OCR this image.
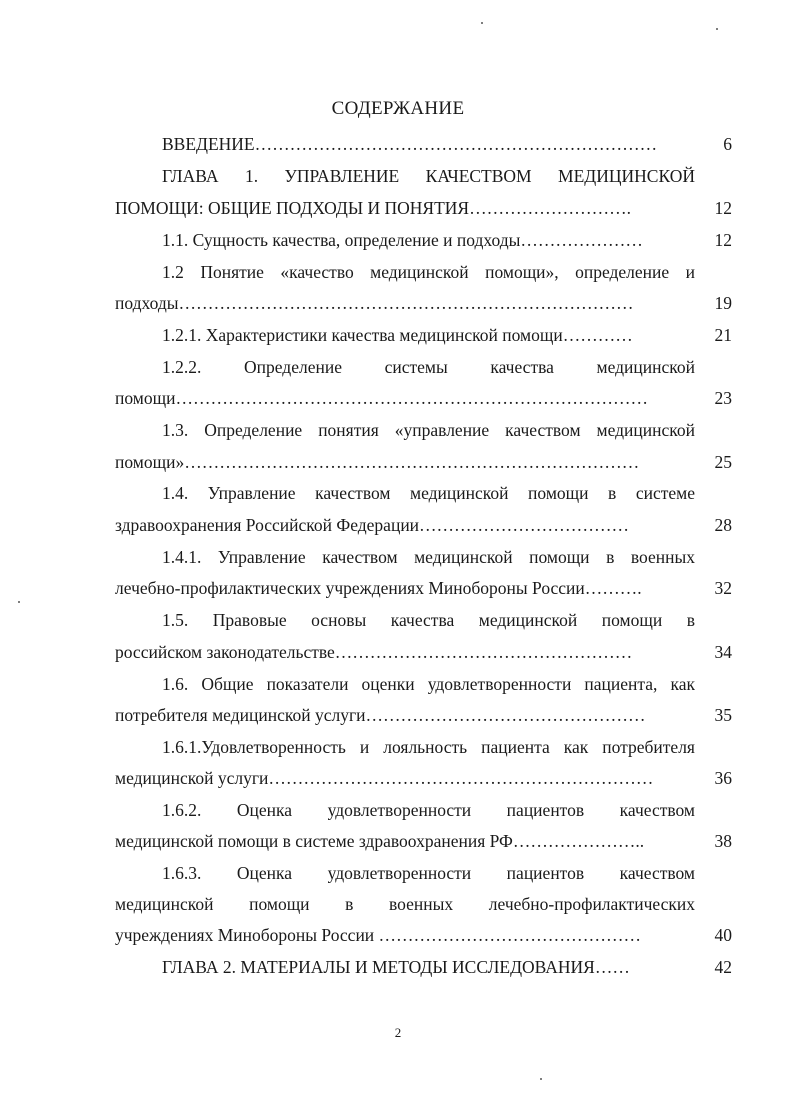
СОДЕРЖАНИЕ
ВВЕДЕНИЕ……………………………………………………………	6
ГЛАВА 1. УПРАВЛЕНИЕ КАЧЕСТВОМ МЕДИЦИНСКОЙ
ПОМОЩИ: ОБЩИЕ ПОДХОДЫ И ПОНЯТИЯ……………………….	12
1.1. Сущность качества, определение и подходы…………………	12
1.2 Понятие «качество медицинской помощи», определение и
подходы……………………………………………………………………	19
1.2.1. Характеристики качества медицинской помощи…………	21
1.2.2. Определение системы качества медицинской
помощи………………………………………………………………………	23
1.3. Определение понятия «управление качеством медицинской
помощи»……………………………………………………………………	25
1.4. Управление качеством медицинской помощи в системе
здравоохранения Российской Федерации………………………………	28
1.4.1. Управление качеством медицинской помощи в военных
лечебно-профилактических учреждениях Минобороны России……….	32
1.5. Правовые основы качества медицинской помощи в
российском законодательстве……………………………………………	34
1.6. Общие показатели оценки удовлетворенности пациента, как
потребителя медицинской услуги…………………………………………	35
1.6.1.Удовлетворенность и лояльность пациента как потребителя
медицинской услуги…………………………………………………………	36
1.6.2. Оценка удовлетворенности пациентов качеством
медицинской помощи в системе здравоохранения РФ…………………..	38
1.6.3. Оценка удовлетворенности пациентов качеством
медицинской помощи в военных лечебно-профилактических
учреждениях Минобороны России ………………………………………	40
ГЛАВА 2. МАТЕРИАЛЫ И МЕТОДЫ ИССЛЕДОВАНИЯ……	42
2
